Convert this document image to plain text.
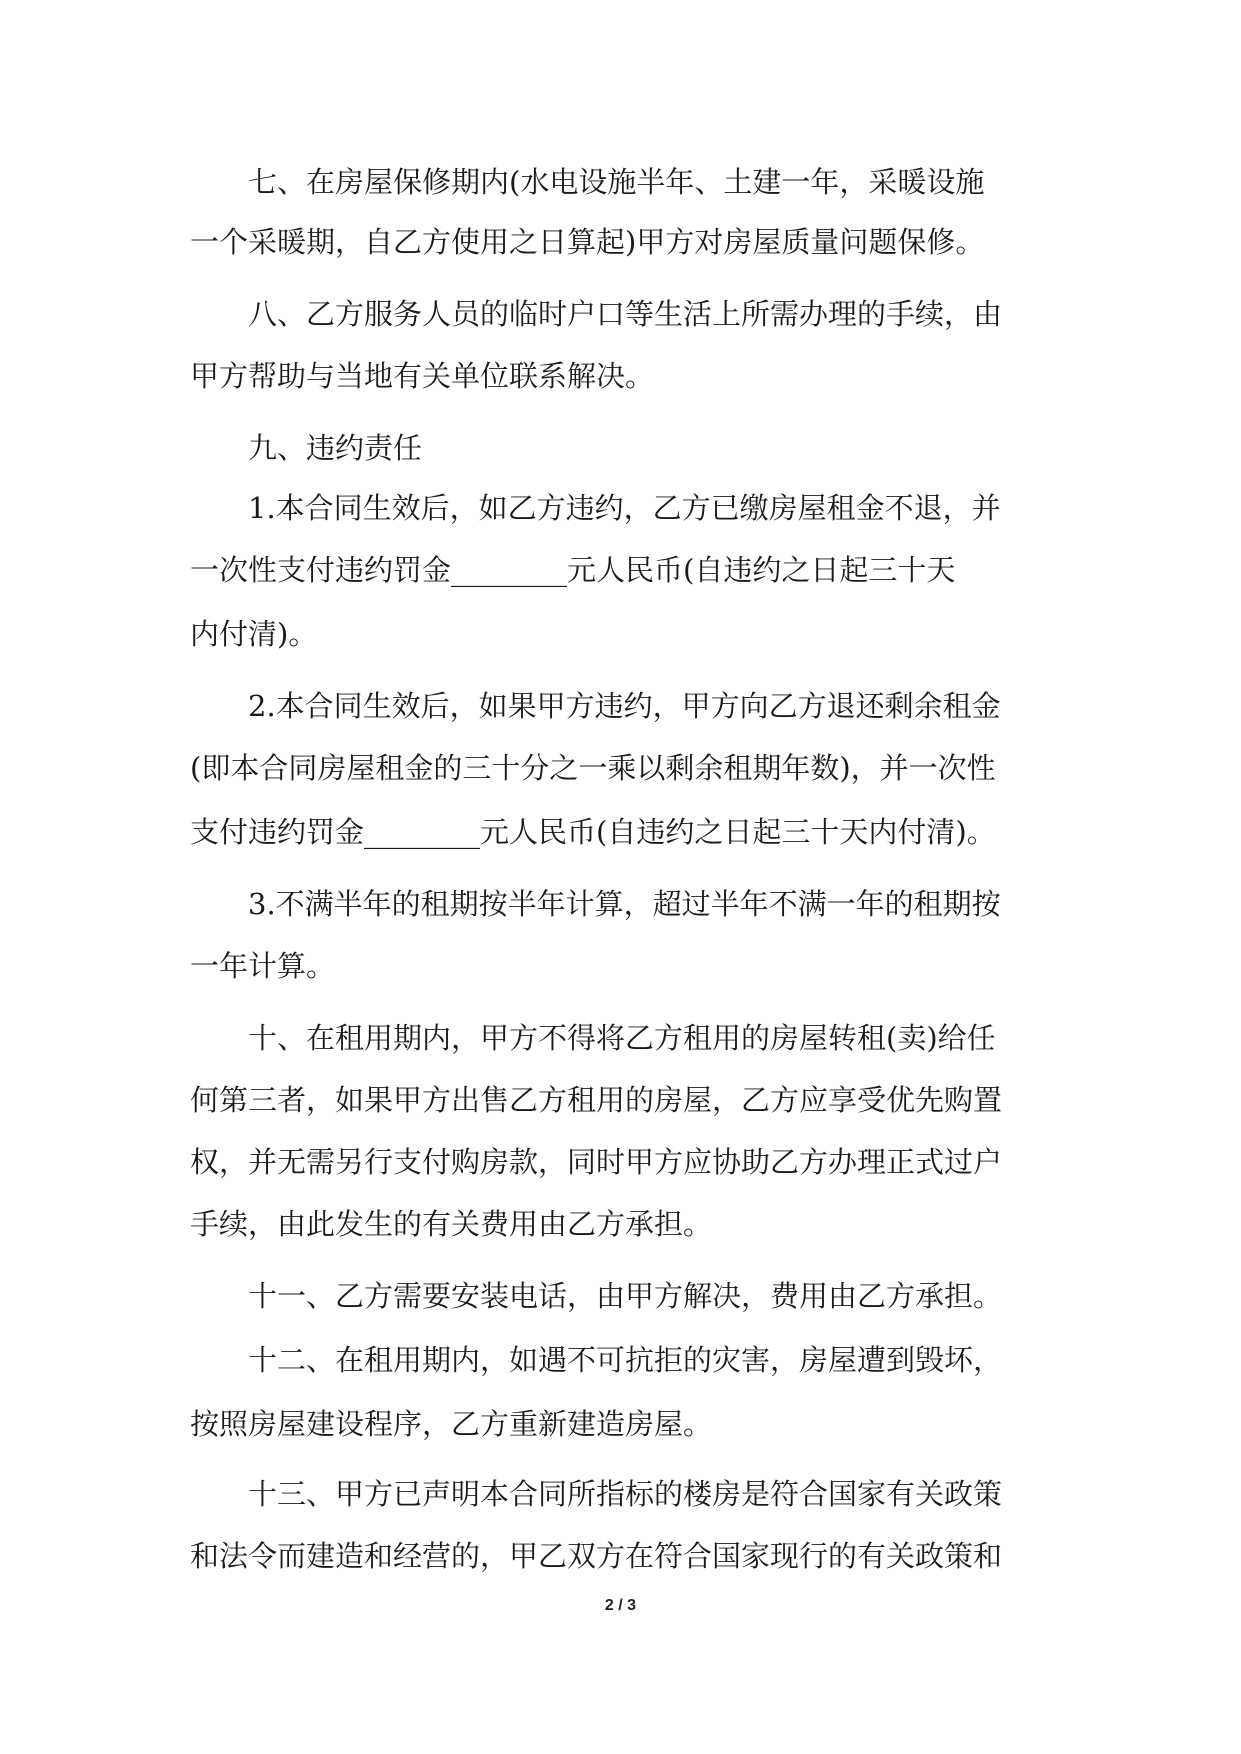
七、在房屋保修期内(水电设施半年、土建一年，采暖设施
一个采暖期，自乙方使用之日算起)甲方对房屋质量问题保修。
八、乙方服务人员的临时户口等生活上所需办理的手续，由
甲方帮助与当地有关单位联系解决。
九、违约责任
1.本合同生效后，如乙方违约，乙方已缴房屋租金不退，并
一次性支付违约罚金________元人民币(自违约之日起三十天
内付清)。
2.本合同生效后，如果甲方违约，甲方向乙方退还剩余租金
(即本合同房屋租金的三十分之一乘以剩余租期年数)，并一次性
支付违约罚金________元人民币(自违约之日起三十天内付清)。
3.不满半年的租期按半年计算，超过半年不满一年的租期按
一年计算。
十、在租用期内，甲方不得将乙方租用的房屋转租(卖)给任
何第三者，如果甲方出售乙方租用的房屋，乙方应享受优先购置
权，并无需另行支付购房款，同时甲方应协助乙方办理正式过户
手续，由此发生的有关费用由乙方承担。
十一、乙方需要安装电话，由甲方解决，费用由乙方承担。
十二、在租用期内，如遇不可抗拒的灾害，房屋遭到毁坏，
按照房屋建设程序，乙方重新建造房屋。
十三、甲方已声明本合同所指标的楼房是符合国家有关政策
和法令而建造和经营的，甲乙双方在符合国家现行的有关政策和
2 / 3
